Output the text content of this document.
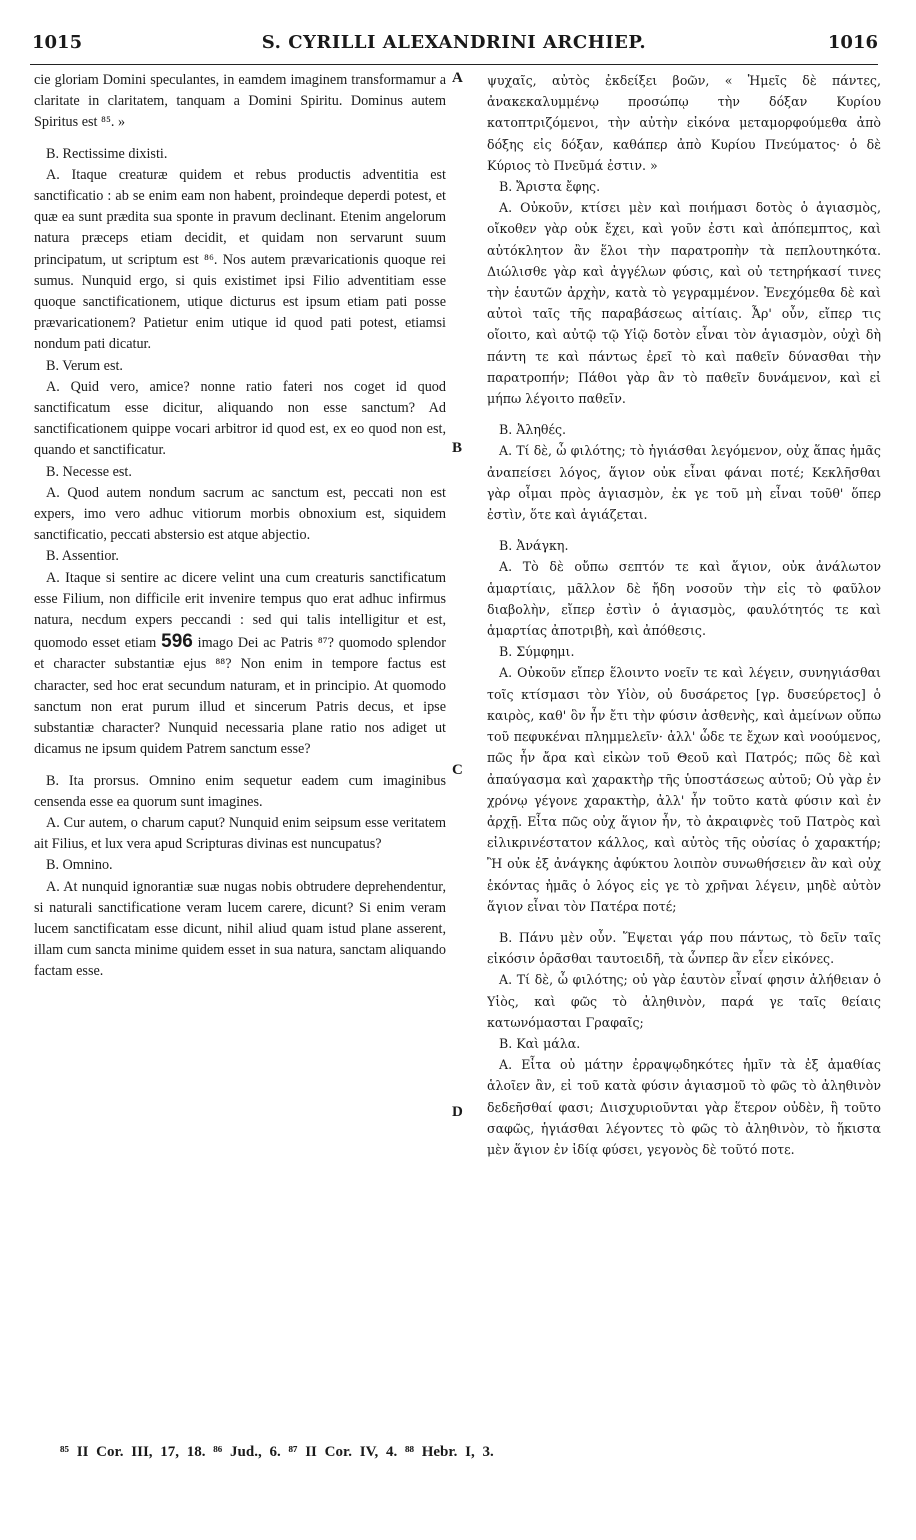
1015	S. CYRILLI ALEXANDRINI ARCHIEP.	1016

cie gloriam Domini speculantes, in eamdem imaginem transformamur a claritate in claritatem, tanquam a Domini Spiritu. Dominus autem Spiritus est ⁸⁵. »

B. Rectissime dixisti.

A. Itaque creaturæ quidem et rebus productis adventitia est sanctificatio : ab se enim eam non habent, proindeque deperdi potest, et quæ ea sunt prædita sua sponte in pravum declinant. Etenim angelorum natura præceps etiam decidit, et quidam non servarunt suum principatum, ut scriptum est ⁸⁶. Nos autem prævaricationis quoque rei sumus. Nunquid ergo, si quis existimet ipsi Filio adventitiam esse quoque sanctificationem, utique dicturus est ipsum etiam pati posse prævaricationem? Patietur enim utique id quod pati potest, etiamsi nondum pati dicatur.

B. Verum est.

A. Quid vero, amice? nonne ratio fateri nos coget id quod sanctificatum esse dicitur, aliquando non esse sanctum? Ad sanctificationem quippe vocari arbitror id quod est, ex eo quod non est, quando et sanctificatur.

B. Necesse est.

A. Quod autem nondum sacrum ac sanctum est, peccati non est expers, imo vero adhuc vitiorum morbis obnoxium est, siquidem sanctificatio, peccati abstersio est atque abjectio.

B. Assentior.

A. Itaque si sentire ac dicere velint una cum creaturis sanctificatum esse Filium, non difficile erit invenire tempus quo erat adhuc infirmus natura, necdum expers peccandi : sed qui talis intelligitur et est, quomodo esset etiam 596 imago Dei ac Patris ⁸⁷? quomodo splendor et character substantiæ ejus ⁸⁸? Non enim in tempore factus est character, sed hoc erat secundum naturam, et in principio. At quomodo sanctum non erat purum illud et sincerum Patris decus, et ipse substantiæ character? Nunquid necessaria plane ratio nos adiget ut dicamus ne ipsum quidem Patrem sanctum esse?

B. Ita prorsus. Omnino enim sequetur eadem cum imaginibus censenda esse ea quorum sunt imagines.

A. Cur autem, o charum caput? Nunquid enim seipsum esse veritatem ait Filius, et lux vera apud Scripturas divinas est nuncupatus?

B. Omnino.

A. At nunquid ignorantiæ suæ nugas nobis obtrudere deprehendentur, si naturali sanctificatione veram lucem carere, dicunt? Si enim veram lucem sanctificatam esse dicunt, nihil aliud quam istud plane asserent, illam cum sancta minime quidem esset in sua natura, sanctam aliquando factam esse.

A
B
C
D

ψυχαῖς, αὐτὸς ἐκδείξει βοῶν, « Ἡμεῖς δὲ πάντες, ἀνακεκαλυμμένῳ προσώπῳ τὴν δόξαν Κυρίου κατοπτριζόμενοι, τὴν αὐτὴν εἰκόνα μεταμορφούμεθα ἀπὸ δόξης εἰς δόξαν, καθάπερ ἀπὸ Κυρίου Πνεύματος· ὁ δὲ Κύριος τὸ Πνεῦμά ἐστιν. »

Β. Ἄριστα ἔφης.

Α. Οὐκοῦν, κτίσει μὲν καὶ ποιήμασι δοτὸς ὁ ἁγιασμὸς, οἴκοθεν γὰρ οὐκ ἔχει, καὶ γοῦν ἐστι καὶ ἀπόπεμπτος, καὶ αὐτόκλητον ἂν ἕλοι τὴν παρατροπὴν τὰ πεπλουτηκότα. Διώλισθε γὰρ καὶ ἀγγέλων φύσις, καὶ οὐ τετηρήκασί τινες τὴν ἑαυτῶν ἀρχὴν, κατὰ τὸ γεγραμμένον. Ἐνεχόμεθα δὲ καὶ αὐτοὶ ταῖς τῆς παραβάσεως αἰτίαις. Ἆρ' οὖν, εἴπερ τις οἴοιτο, καὶ αὐτῷ τῷ Υἱῷ δοτὸν εἶναι τὸν ἁγιασμὸν, οὐχὶ δὴ πάντη τε καὶ πάντως ἐρεῖ τὸ καὶ παθεῖν δύνασθαι τὴν παρατροπήν; Πάθοι γὰρ ἂν τὸ παθεῖν δυνάμενον, καὶ εἰ μήπω λέγοιτο παθεῖν.

Β. Ἀληθές.

Α. Τί δὲ, ὦ φιλότης; τὸ ἡγιάσθαι λεγόμενον, οὐχ ἅπας ἡμᾶς ἀναπείσει λόγος, ἅγιον οὐκ εἶναι φάναι ποτέ; Κεκλῆσθαι γὰρ οἶμαι πρὸς ἁγιασμὸν, ἐκ γε τοῦ μὴ εἶναι τοῦθ' ὅπερ ἐστὶν, ὅτε καὶ ἁγιάζεται.

Β. Ἀνάγκη.

Α. Τὸ δὲ οὔπω σεπτόν τε καὶ ἅγιον, οὐκ ἀνάλωτον ἁμαρτίαις, μᾶλλον δὲ ἤδη νοσοῦν τὴν εἰς τὸ φαῦλον διαβολὴν, εἴπερ ἐστὶν ὁ ἁγιασμὸς, φαυλότητός τε καὶ ἁμαρτίας ἀποτριβὴ, καὶ ἀπόθεσις.

Β. Σύμφημι.

Α. Οὐκοῦν εἴπερ ἕλοιντο νοεῖν τε καὶ λέγειν, συνηγιάσθαι τοῖς κτίσμασι τὸν Υἱὸν, οὐ δυσάρετος [γρ. δυσεύρετος] ὁ καιρὸς, καθ' ὃν ἦν ἔτι τὴν φύσιν ἀσθενὴς, καὶ ἀμείνων οὔπω τοῦ πεφυκέναι πλημμελεῖν· ἀλλ' ὧδε τε ἔχων καὶ νοούμενος, πῶς ἦν ἄρα καὶ εἰκὼν τοῦ Θεοῦ καὶ Πατρός; πῶς δὲ καὶ ἀπαύγασμα καὶ χαρακτὴρ τῆς ὑποστάσεως αὐτοῦ; Οὐ γὰρ ἐν χρόνῳ γέγονε χαρακτὴρ, ἀλλ' ἦν τοῦτο κατὰ φύσιν καὶ ἐν ἀρχῇ. Εἶτα πῶς οὐχ ἅγιον ἦν, τὸ ἀκραιφνὲς τοῦ Πατρὸς καὶ εἰλικρινέστατον κάλλος, καὶ αὐτὸς τῆς οὐσίας ὁ χαρακτήρ; Ἢ οὐκ ἐξ ἀνάγκης ἀφύκτου λοιπὸν συνωθήσειεν ἂν καὶ οὐχ ἑκόντας ἡμᾶς ὁ λόγος εἰς γε τὸ χρῆναι λέγειν, μηδὲ αὐτὸν ἅγιον εἶναι τὸν Πατέρα ποτέ;

Β. Πάνυ μὲν οὖν. Ἕψεται γάρ που πάντως, τὸ δεῖν ταῖς εἰκόσιν ὁρᾶσθαι ταυτοειδῆ, τὰ ὧνπερ ἂν εἶεν εἰκόνες.

Α. Τί δὲ, ὦ φιλότης; οὐ γὰρ ἑαυτὸν εἶναί φησιν ἀλήθειαν ὁ Υἱὸς, καὶ φῶς τὸ ἀληθινὸν, παρά γε ταῖς θείαις κατωνόμασται Γραφαῖς;

Β. Καὶ μάλα.

Α. Εἶτα οὐ μάτην ἐρραψῳδηκότες ἡμῖν τὰ ἐξ ἀμαθίας ἁλοῖεν ἂν, εἰ τοῦ κατὰ φύσιν ἁγιασμοῦ τὸ φῶς τὸ ἀληθινὸν δεδεῆσθαί φασι; Διισχυριοῦνται γὰρ ἕτερον οὐδὲν, ἢ τοῦτο σαφῶς, ἡγιάσθαι λέγοντες τὸ φῶς τὸ ἀληθινὸν, τὸ ἥκιστα μὲν ἅγιον ἐν ἰδίᾳ φύσει, γεγονὸς δὲ τοῦτό ποτε.

⁸⁵ II Cor. III, 17, 18. ⁸⁶ Jud., 6. ⁸⁷ II Cor. IV, 4. ⁸⁸ Hebr. I, 3.
